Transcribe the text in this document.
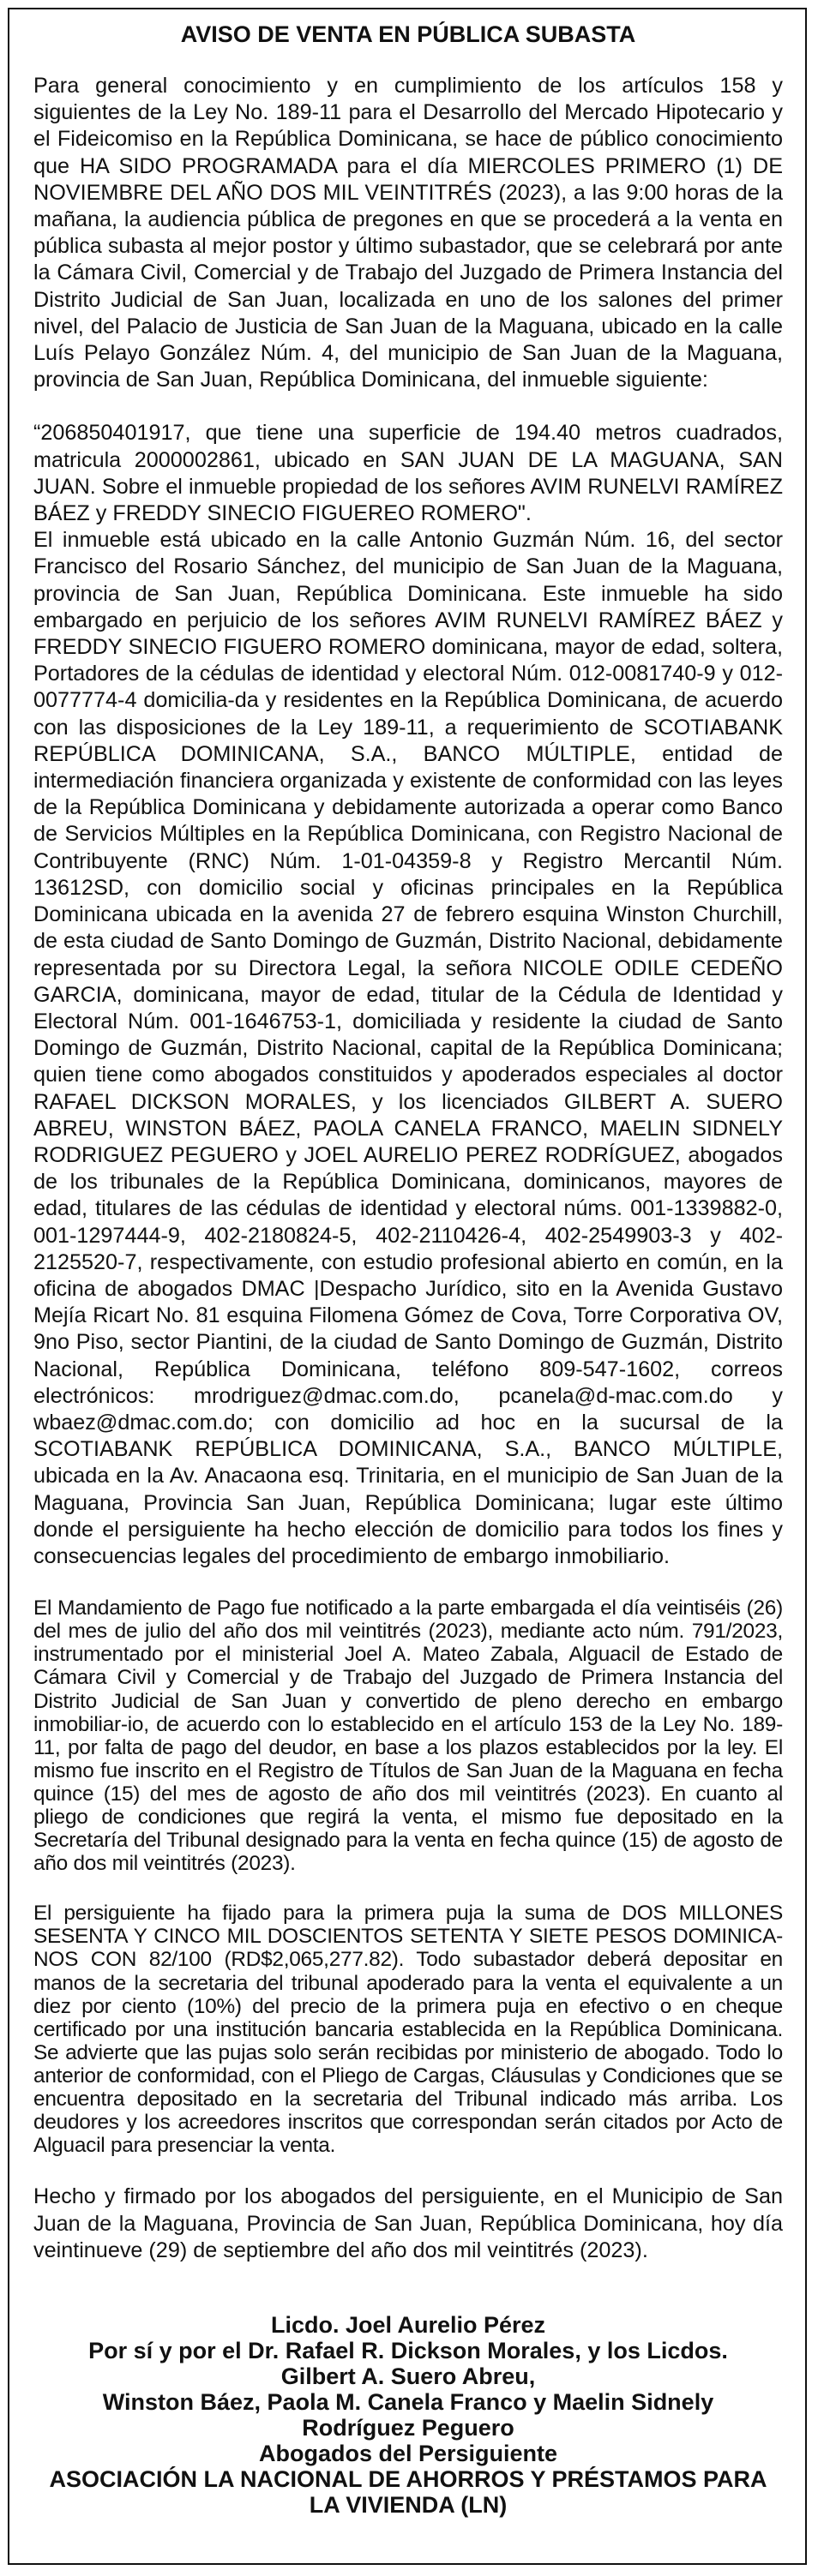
AVISO DE VENTA EN PÚBLICA SUBASTA

Para general conocimiento y en cumplimiento de los artículos 158 y siguientes de la Ley No. 189-11 para el Desarrollo del Mercado Hipotecario y el Fideicomiso en la República Dominicana, se hace de público conocimiento que HA SIDO PROGRAMADA para el día MIERCOLES PRIMERO (1) DE NOVIEMBRE DEL AÑO DOS MIL VEINTITRÉS (2023), a las 9:00 horas de la mañana, la audiencia pública de pregones en que se procederá a la venta en pública subasta al mejor postor y último subastador, que se celebrará por ante la Cámara Civil, Comercial y de Trabajo del Juzgado de Primera Instancia del Distrito Judicial de San Juan, localizada en uno de los salones del primer nivel, del Palacio de Justicia de San Juan de la Maguana, ubicado en la calle Luís Pelayo González Núm. 4, del municipio de San Juan de la Maguana, provincia de San Juan, República Dominicana, del inmueble siguiente:

“206850401917, que tiene una superficie de 194.40 metros cuadrados, matricula 2000002861, ubicado en SAN JUAN DE LA MAGUANA, SAN JUAN. Sobre el inmueble propiedad de los señores AVIM RUNELVI RAMÍREZ BÁEZ y FREDDY SINECIO FIGUEREO ROMERO".

El inmueble está ubicado en la calle Antonio Guzmán Núm. 16, del sector Francisco del Rosario Sánchez, del municipio de San Juan de la Maguana, provincia de San Juan, República Dominicana. Este inmueble ha sido embargado en perjuicio de los señores AVIM RUNELVI RAMÍREZ BÁEZ y FREDDY SINECIO FIGUERO ROMERO dominicana, mayor de edad, soltera, Portadores de la cédulas de identidad y electoral Núm. 012-0081740-9 y 012-0077774-4 domicilia-da y residentes en la República Dominicana, de acuerdo con las disposiciones de la Ley 189-11, a requerimiento de SCOTIABANK REPÚBLICA DOMINICANA, S.A., BANCO MÚLTIPLE, entidad de intermediación financiera organizada y existente de conformidad con las leyes de la República Dominicana y debidamente autorizada a operar como Banco de Servicios Múltiples en la República Dominicana, con Registro Nacional de Contribuyente (RNC) Núm. 1-01-04359-8 y Registro Mercantil Núm. 13612SD, con domicilio social y oficinas principales en la República Dominicana ubicada en la avenida 27 de febrero esquina Winston Churchill, de esta ciudad de Santo Domingo de Guzmán, Distrito Nacional, debidamente representada por su Directora Legal, la señora NICOLE ODILE CEDEÑO GARCIA, dominicana, mayor de edad, titular de la Cédula de Identidad y Electoral Núm. 001-1646753-1, domiciliada y residente la ciudad de Santo Domingo de Guzmán, Distrito Nacional, capital de la República Dominicana; quien tiene como abogados constituidos y apoderados especiales al doctor RAFAEL DICKSON MORALES, y los licenciados GILBERT A. SUERO ABREU, WINSTON BÁEZ, PAOLA CANELA FRANCO, MAELIN SIDNELY RODRIGUEZ PEGUERO y JOEL AURELIO PEREZ RODRÍGUEZ, abogados de los tribunales de la República Dominicana, dominicanos, mayores de edad, titulares de las cédulas de identidad y electoral núms. 001-1339882-0, 001-1297444-9, 402-2180824-5, 402-2110426-4, 402-2549903-3 y 402-2125520-7, respectivamente, con estudio profesional abierto en común, en la oficina de abogados DMAC |Despacho Jurídico, sito en la Avenida Gustavo Mejía Ricart No. 81 esquina Filomena Gómez de Cova, Torre Corporativa OV, 9no Piso, sector Piantini, de la ciudad de Santo Domingo de Guzmán, Distrito Nacional, República Dominicana, teléfono 809-547-1602, correos electrónicos: mrodriguez@dmac.com.do, pcanela@d-mac.com.do y wbaez@dmac.com.do; con domicilio ad hoc en la sucursal de la SCOTIABANK REPÚBLICA DOMINICANA, S.A., BANCO MÚLTIPLE, ubicada en la Av. Anacaona esq. Trinitaria, en el municipio de San Juan de la Maguana, Provincia San Juan, República Dominicana; lugar este último donde el persiguiente ha hecho elección de domicilio para todos los fines y consecuencias legales del procedimiento de embargo inmobiliario.

El Mandamiento de Pago fue notificado a la parte embargada el día veintiséis (26) del mes de julio del año dos mil veintitrés (2023), mediante acto núm. 791/2023, instrumentado por el ministerial Joel A. Mateo Zabala, Alguacil de Estado de Cámara Civil y Comercial y de Trabajo del Juzgado de Primera Instancia del Distrito Judicial de San Juan y convertido de pleno derecho en embargo inmobiliar-io, de acuerdo con lo establecido en el artículo 153 de la Ley No. 189-11, por falta de pago del deudor, en base a los plazos establecidos por la ley. El mismo fue inscrito en el Registro de Títulos de San Juan de la Maguana en fecha quince (15) del mes de agosto de año dos mil veintitrés (2023). En cuanto al pliego de condiciones que regirá la venta, el mismo fue depositado en la Secretaría del Tribunal designado para la venta en fecha quince (15) de agosto de año dos mil veintitrés (2023).

El persiguiente ha fijado para la primera puja la suma de DOS MILLONES SESENTA Y CINCO MIL DOSCIENTOS SETENTA Y SIETE PESOS DOMINICA-NOS CON 82/100 (RD$2,065,277.82). Todo subastador deberá depositar en manos de la secretaria del tribunal apoderado para la venta el equivalente a un diez por ciento (10%) del precio de la primera puja en efectivo o en cheque certificado por una institución bancaria establecida en la República Dominicana. Se advierte que las pujas solo serán recibidas por ministerio de abogado. Todo lo anterior de conformidad, con el Pliego de Cargas, Cláusulas y Condiciones que se encuentra depositado en la secretaria del Tribunal indicado más arriba. Los deudores y los acreedores inscritos que correspondan serán citados por Acto de Alguacil para presenciar la venta.

Hecho y firmado por los abogados del persiguiente, en el Municipio de San Juan de la Maguana, Provincia de San Juan, República Dominicana, hoy día veintinueve (29) de septiembre del año dos mil veintitrés (2023).

Licdo. Joel Aurelio Pérez
Por sí y por el Dr. Rafael R. Dickson Morales, y los Licdos.
Gilbert A. Suero Abreu,
Winston Báez, Paola M. Canela Franco y Maelin Sidnely
Rodríguez Peguero
Abogados del Persiguiente
ASOCIACIÓN LA NACIONAL DE AHORROS Y PRÉSTAMOS PARA
LA VIVIENDA (LN)
